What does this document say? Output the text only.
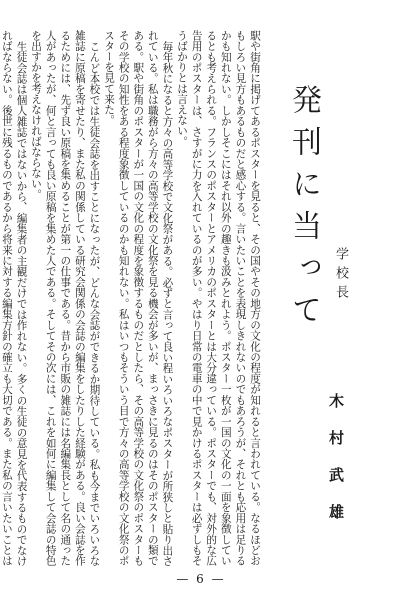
駅や街角に掲げてあるポスターを見ると、その国やその地方の文化の程度が知れると言われている。なるほどおもしろい見方もあるものだと感心する。言いたいことを表現しきれないのでもあろうが、それとも応用は足りるかも知れない。しかしそこにはそれ以外の趣きも汲みとれよう。ポスター一枚が一国の文化の一面を象徴しているとも考えられる。フランスのポスターとアメリカのポスターとは大分違っている。ポスターでも、対外的な広告用のポスターは、さすがに力を入れているのが多い。やはり日常の電車の中で見かけるポスターは必ずしもそうばかりとは言えない。

毎年秋になると方々の高等学校で文化祭がある。必ずと言って良い程いろいろなポスターが所狭しと貼り出されている。私は職務がら方々の高等学校の文化祭を見る機会が多いが、まっさきに見るのはそのポスターの類である。駅や街角のポスターが一国の文化の程度を象徴するものだとしたら、その高等学校の文化祭のポスターもその学校の知性をある程度象徴しているのかも知れない。私はいつもそういう目で方々の高等学校の文化祭のポスターを見て来た。

こんど本校では生徒会誌を出すことになったが、どんな会誌ができるか期待している。私も今までいろいろな雑誌に原稿を寄せたり、また私の関係している研究会関係の会誌の編集をしたりした経験がある。良い会誌を作るためには、先ず良い原稿を集めることが第一の仕事である。昔から市販の雑誌には名編集長として名の通った人があったが、何と言っても良い原稿を集めた人である。そしてその次には、これを如何に編集して会誌の特色を出すかを考えなければならない。

生徒会誌は個人雑誌ではないから、編集者の主観だけでは作れない。多くの生徒の意見を代表するものでなければならない。後世に残るものであるから将来に対する編集方針の確立も大切である。また私の言いたいことは

発刊に当って 学校長
木村武雄
— 6 —
